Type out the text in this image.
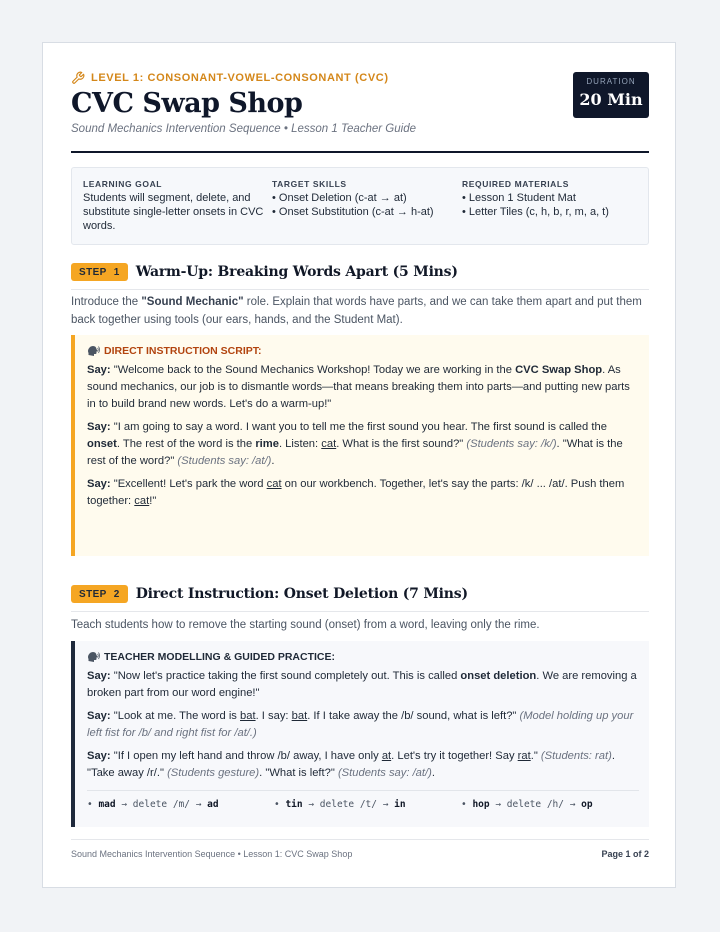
LEVEL 1: CONSONANT-VOWEL-CONSONANT (CVC)
CVC Swap Shop
Sound Mechanics Intervention Sequence • Lesson 1 Teacher Guide
DURATION
20 Min
LEARNING GOAL
Students will segment, delete, and substitute single-letter onsets in CVC words.
TARGET SKILLS
• Onset Deletion (c-at → at)
• Onset Substitution (c-at → h-at)
REQUIRED MATERIALS
• Lesson 1 Student Mat
• Letter Tiles (c, h, b, r, m, a, t)
STEP 1 Warm-Up: Breaking Words Apart (5 Mins)
Introduce the "Sound Mechanic" role. Explain that words have parts, and we can take them apart and put them back together using tools (our ears, hands, and the Student Mat).
DIRECT INSTRUCTION SCRIPT:
Say: "Welcome back to the Sound Mechanics Workshop! Today we are working in the CVC Swap Shop. As sound mechanics, our job is to dismantle words—that means breaking them into parts—and putting new parts in to build brand new words. Let's do a warm-up!"
Say: "I am going to say a word. I want you to tell me the first sound you hear. The first sound is called the onset. The rest of the word is the rime. Listen: cat. What is the first sound?" (Students say: /k/). "What is the rest of the word?" (Students say: /at/).
Say: "Excellent! Let's park the word cat on our workbench. Together, let's say the parts: /k/ ... /at/. Push them together: cat!"
STEP 2 Direct Instruction: Onset Deletion (7 Mins)
Teach students how to remove the starting sound (onset) from a word, leaving only the rime.
TEACHER MODELLING & GUIDED PRACTICE:
Say: "Now let's practice taking the first sound completely out. This is called onset deletion. We are removing a broken part from our word engine!"
Say: "Look at me. The word is bat. I say: bat. If I take away the /b/ sound, what is left?" (Model holding up your left fist for /b/ and right fist for /at/.)
Say: "If I open my left hand and throw /b/ away, I have only at. Let's try it together! Say rat." (Students: rat). "Take away /r/." (Students gesture). "What is left?" (Students say: /at/).
• mad → delete /m/ → ad	• tin → delete /t/ → in	• hop → delete /h/ → op
Sound Mechanics Intervention Sequence • Lesson 1: CVC Swap Shop	Page 1 of 2
